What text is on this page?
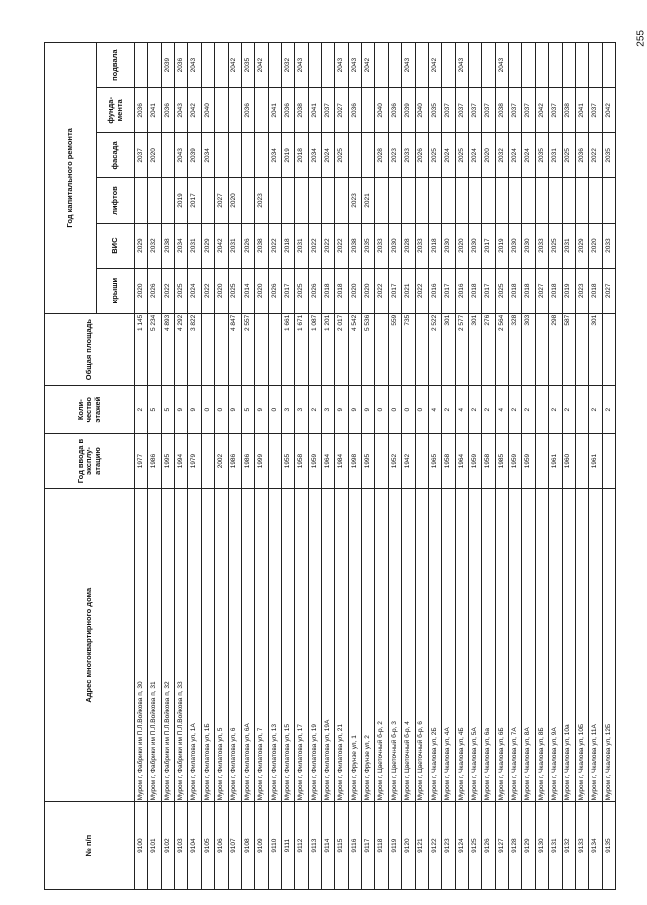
255
№ п/п	Адрес многоквартирного дома	Год ввода в эксплу-атацию	Коли-чество этажей	Общая площадь	Год капитального ремонта					
					крыши	ВИС	лифтов	фасада	фунда-мента	подвала
9100	Муром г, Фабрики им П.Л.Войкова п, 30	1977	2	1 145	2020	2029		2037	2036	
9101	Муром г, Фабрики им П.Л.Войкова п, 31	1986	5	5 234	2026	2032		2020	2041	
9102	Муром г, Фабрики им П.Л.Войкова п, 32	1995	5	4 893	2022	2038			2036	2039
9103	Муром г, Фабрики им П.Л.Войкова п, 33	1994	9	4 292	2025	2034	2019	2043	2043	2036
9104	Муром г, Филатова ул, 1А	1979	9	3 822	2024	2031	2017	2039	2042	2043
9105	Муром г, Филатова ул, 1Б		0		2022	2029		2034	2040	
9106	Муром г, Филатова ул, 5	2002	0		2020	2042	2027			
9107	Муром г, Филатова ул, 6	1986	9	4 847	2025	2031	2020			2042
9108	Муром г, Филатова ул, 6А	1986	5	2 557	2014	2026			2036	2035
9109	Муром г, Филатова ул, 7	1999	9		2020	2038	2023			2042
9110	Муром г, Филатова ул, 13		0		2026	2022		2034	2041	
9111	Муром г, Филатова ул, 15	1955	3	1 661	2017	2018		2019	2036	2032
9112	Муром г, Филатова ул, 17	1958	3	1 671	2025	2031		2018	2038	2043
9113	Муром г, Филатова ул, 19	1959	2	1 087	2026	2022		2034	2041	
9114	Муром г, Филатова ул, 19А	1964	3	1 201	2018	2022		2024	2037	
9115	Муром г, Филатова ул, 21	1984	9	2 017	2018	2022		2025	2027	2043
9116	Муром г, Фрунзе ул, 1	1998	9	4 542	2020	2038	2023		2036	2043
9117	Муром г, Фрунзе ул, 2	1995	9	5 536	2020	2035	2021			2042
9118	Муром г, Цветочный б-р, 2		0		2022	2033		2028	2040	
9119	Муром г, Цветочный б-р, 3	1952	0	559	2017	2030		2023	2036	
9120	Муром г, Цветочный б-р, 4	1942	0	735	2021	2028		2033	2039	2043
9121	Муром г, Цветочный б-р, 6		0		2022	2033		2026	2040	
9122	Муром г, Чкалова ул, 2Б	1965	4	2 522	2016	2018		2025	2035	2042
9123	Муром г, Чкалова ул, 4А	1958	2	301	2017	2030		2024	2037	
9124	Муром г, Чкалова ул, 4Б	1964	4	2 577	2016	2020		2025	2037	2043
9125	Муром г, Чкалова ул, 5А	1959	2	301	2018	2030		2024	2037	
9126	Муром г, Чкалова ул, 6а	1958	2	276	2017	2017		2020	2037	
9127	Муром г, Чкалова ул, 6Б	1985	4	2 564	2025	2019		2032	2038	2043
9128	Муром г, Чкалова ул, 7А	1959	2	328	2018	2030		2024	2037	
9129	Муром г, Чкалова ул, 8А	1959	2	303	2018	2030		2024	2037	
9130	Муром г, Чкалова ул, 8Б				2027	2033		2035	2042	
9131	Муром г, Чкалова ул, 9А	1961	2	298	2018	2025		2031	2037	
9132	Муром г, Чкалова ул, 10а	1960	2	587	2019	2031		2025	2038	
9133	Муром г, Чкалова ул, 10Б				2023	2029		2036	2041	
9134	Муром г, Чкалова ул, 11А	1961	2	301	2018	2020		2022	2037	
9135	Муром г, Чкалова ул, 12Б		2		2027	2033		2035	2042	
